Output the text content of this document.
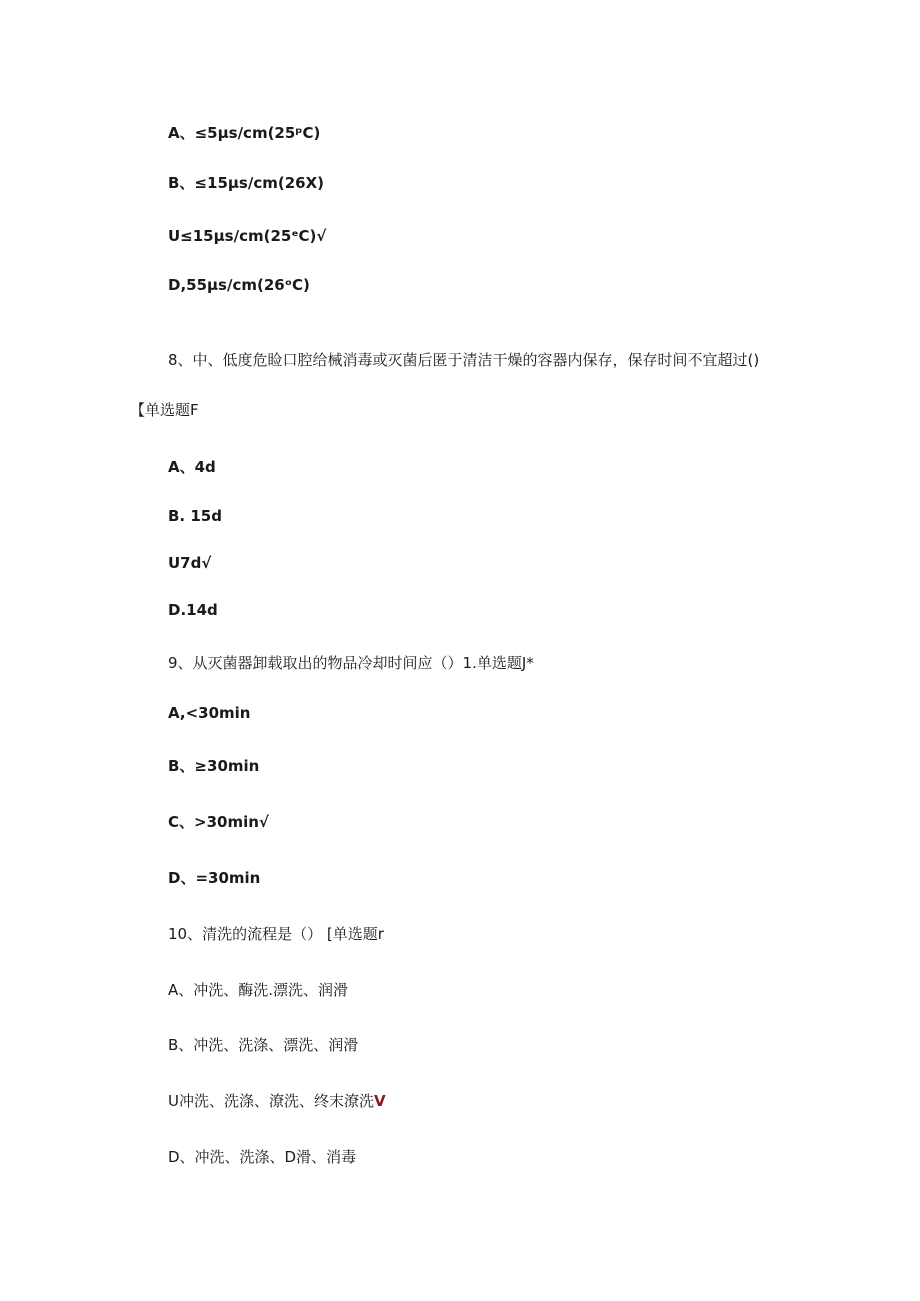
A、≤5μs∕cm(25ᵖC)
B、≤15μs∕cm(26X)
U≤15μs∕cm(25ᵉC)√
D,55μs∕cm(26ᵒC)
8、中、低度危睑口腔给械消毒或灭菌后匿于清洁干燥的容器内保存，保存时间不宜超过()
【单选题F
A、4d
B. 15d
U7d√
D.14d
9、从灭菌器卸载取出的物品冷却时间应（）1.单选题J*
A,<30min
B、≥30min
C、>30min√
D、=30min
10、清洗的流程是（） [单选题r
A、冲洗、酶洗.漂洗、润滑
B、冲洗、洗涤、漂洗、润滑
U冲洗、洗涤、潦洗、终末潦洗V
D、冲洗、洗涤、D滑、消毒
